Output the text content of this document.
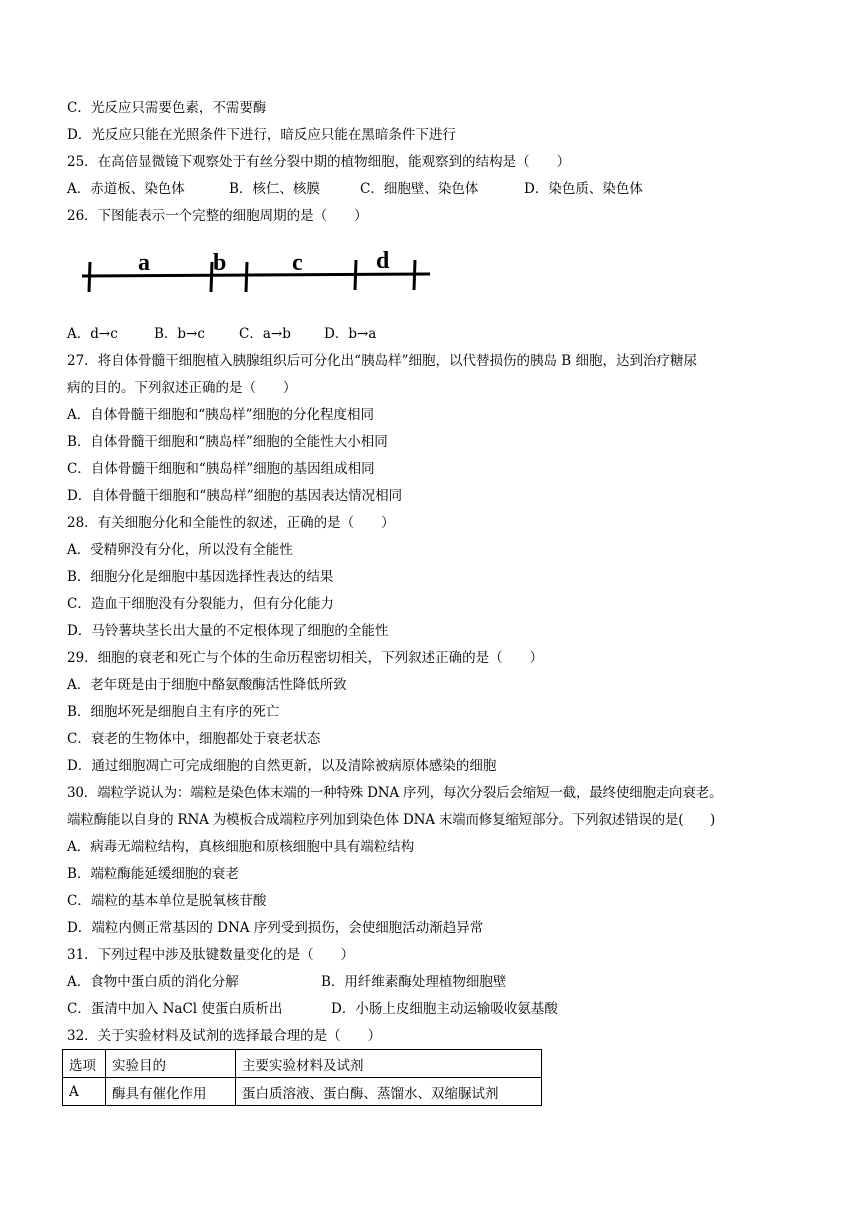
C．光反应只需要色素，不需要酶
D．光反应只能在光照条件下进行，暗反应只能在黑暗条件下进行
25．在高倍显微镜下观察处于有丝分裂中期的植物细胞，能观察到的结构是（　　）
A．赤道板、染色体	B．核仁、核膜	C．细胞壁、染色体	D．染色质、染色体
26．下图能表示一个完整的细胞周期的是（　　）
a	b	c	d
A．d→c	B．b→c	C．a→b D．b→a
27．将自体骨髓干细胞植入胰腺组织后可分化出“胰岛样”细胞，以代替损伤的胰岛 B 细胞，达到治疗糖尿
病的目的。下列叙述正确的是（　　）
A．自体骨髓干细胞和“胰岛样”细胞的分化程度相同
B．自体骨髓干细胞和“胰岛样”细胞的全能性大小相同
C．自体骨髓干细胞和“胰岛样”细胞的基因组成相同
D．自体骨髓干细胞和“胰岛样”细胞的基因表达情况相同
28．有关细胞分化和全能性的叙述，正确的是（　　）
A．受精卵没有分化，所以没有全能性
B．细胞分化是细胞中基因选择性表达的结果
C．造血干细胞没有分裂能力，但有分化能力
D．马铃薯块茎长出大量的不定根体现了细胞的全能性
29．细胞的衰老和死亡与个体的生命历程密切相关，下列叙述正确的是（　　）
A．老年斑是由于细胞中酪氨酸酶活性降低所致
B．细胞坏死是细胞自主有序的死亡
C．衰老的生物体中，细胞都处于衰老状态
D．通过细胞凋亡可完成细胞的自然更新，以及清除被病原体感染的细胞
30．端粒学说认为：端粒是染色体末端的一种特殊 DNA 序列，每次分裂后会缩短一截，最终使细胞走向衰老。
端粒酶能以自身的 RNA 为模板合成端粒序列加到染色体 DNA 末端而修复缩短部分。下列叙述错误的是(　　)
A．病毒无端粒结构，真核细胞和原核细胞中具有端粒结构
B．端粒酶能延缓细胞的衰老
C．端粒的基本单位是脱氧核苷酸
D．端粒内侧正常基因的 DNA 序列受到损伤，会使细胞活动渐趋异常
31．下列过程中涉及肽键数量变化的是（　　）
A．食物中蛋白质的消化分解	B．用纤维素酶处理植物细胞壁
C．蛋清中加入 NaCl 使蛋白质析出	D．小肠上皮细胞主动运输吸收氨基酸
32．关于实验材料及试剂的选择最合理的是（　　）
选项	实验目的	主要实验材料及试剂
A	酶具有催化作用	蛋白质溶液、蛋白酶、蒸馏水、双缩脲试剂
